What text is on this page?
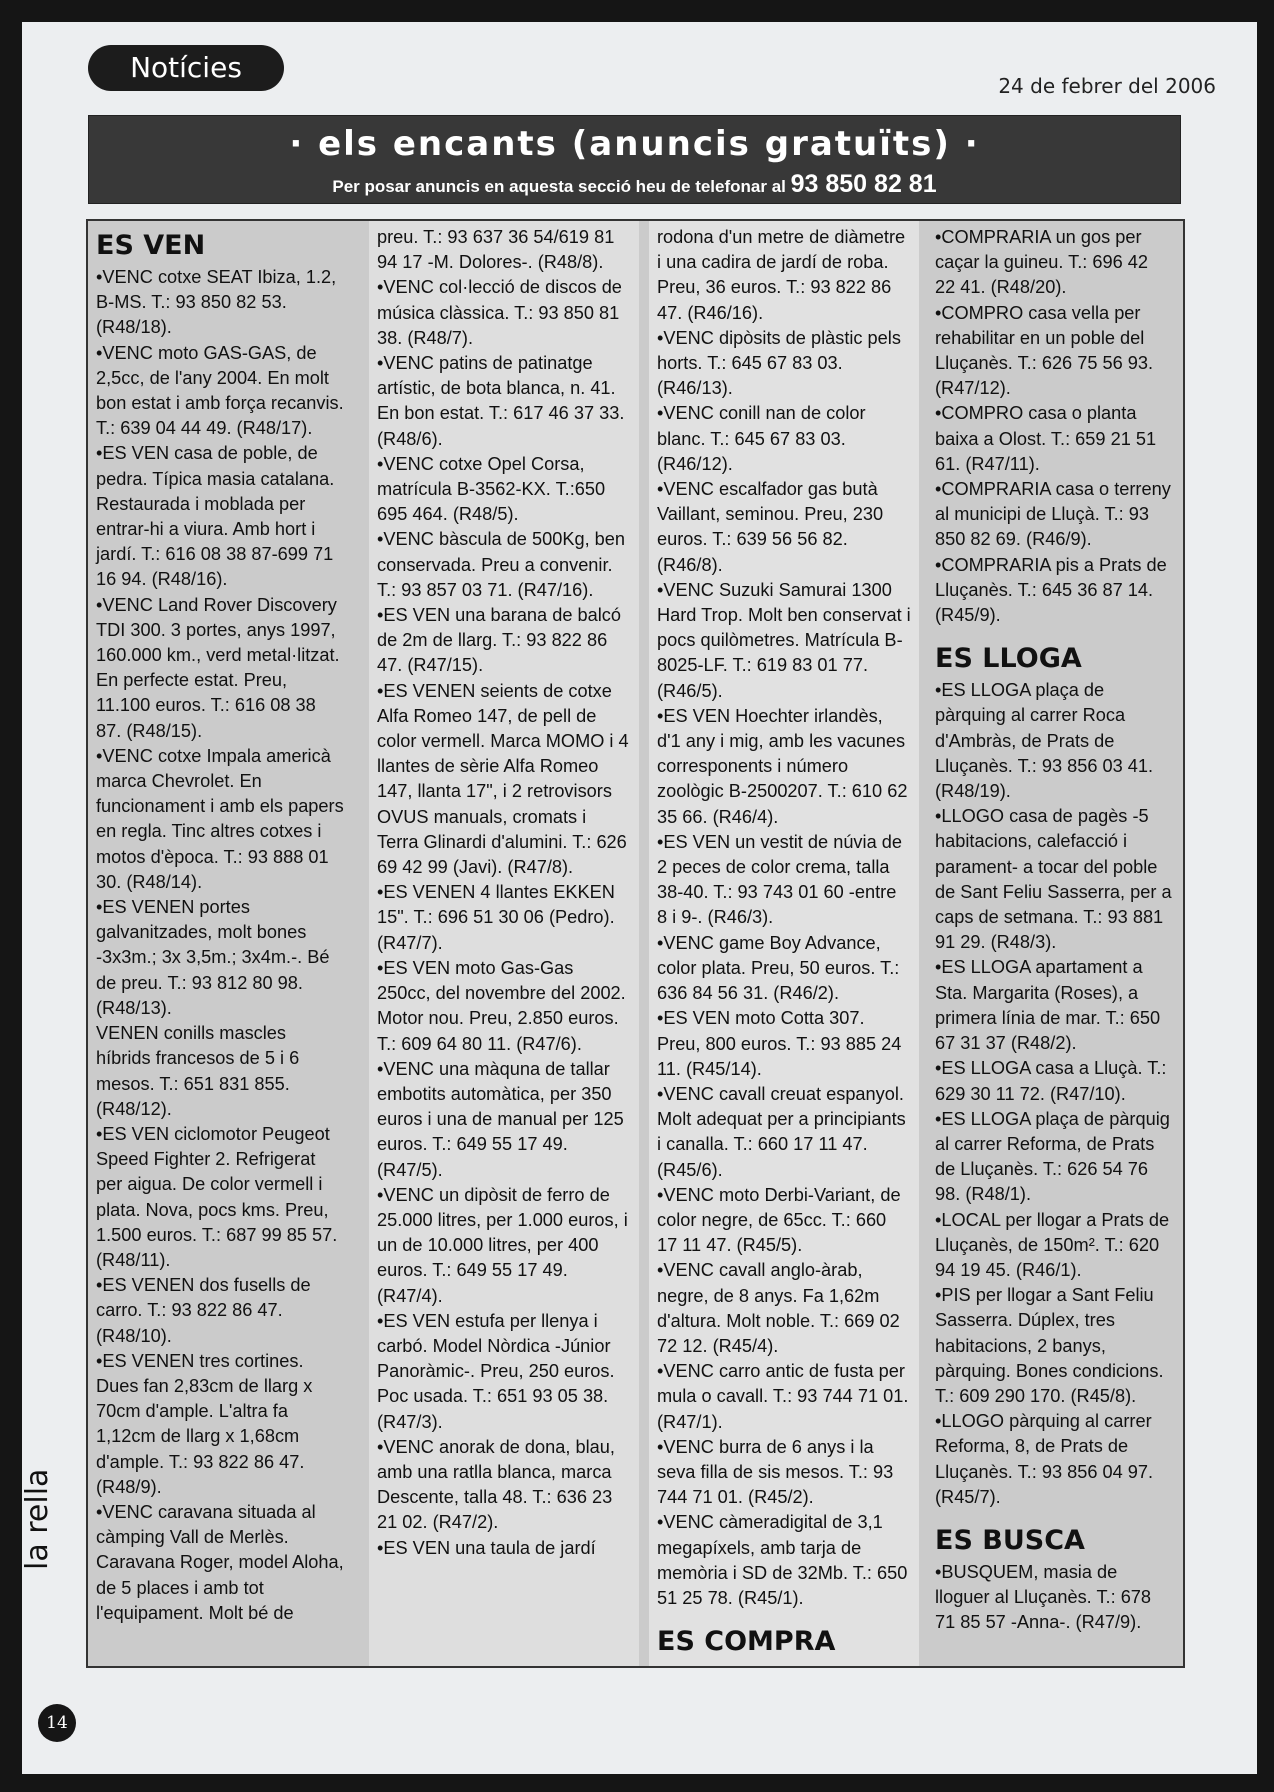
Notícies
24 de febrer del 2006
· els encants (anuncis gratuïts) ·
Per posar anuncis en aquesta secció heu de telefonar al 93 850 82 81
ES VEN
•VENC cotxe SEAT Ibiza, 1.2, B-MS. T.: 93 850 82 53. (R48/18).
•VENC moto GAS-GAS, de 2,5cc, de l'any 2004. En molt bon estat i amb força recanvis. T.: 639 04 44 49. (R48/17).
•ES VEN casa de poble, de pedra. Típica masia catalana. Restaurada i moblada per entrar-hi a viura. Amb hort i jardí. T.: 616 08 38 87-699 71 16 94. (R48/16).
•VENC Land Rover Discovery TDI 300. 3 portes, anys 1997, 160.000 km., verd metal·litzat. En perfecte estat. Preu, 11.100 euros. T.: 616 08 38 87. (R48/15).
•VENC cotxe Impala americà marca Chevrolet. En funcionament i amb els papers en regla. Tinc altres cotxes i motos d'època. T.: 93 888 01 30. (R48/14).
•ES VENEN portes galvanitzades, molt bones -3x3m.; 3x 3,5m.; 3x4m.-. Bé de preu. T.: 93 812 80 98. (R48/13).
VENEN conills mascles híbrids francesos de 5 i 6 mesos. T.: 651 831 855. (R48/12).
•ES VEN ciclomotor Peugeot Speed Fighter 2. Refrigerat per aigua. De color vermell i plata. Nova, pocs kms. Preu, 1.500 euros. T.: 687 99 85 57. (R48/11).
•ES VENEN dos fusells de carro. T.: 93 822 86 47. (R48/10).
•ES VENEN tres cortines. Dues fan 2,83cm de llarg x 70cm d'ample. L'altra fa 1,12cm de llarg x 1,68cm d'ample. T.: 93 822 86 47. (R48/9).
•VENC caravana situada al càmping Vall de Merlès. Caravana Roger, model Aloha, de 5 places i amb tot l'equipament. Molt bé de
preu. T.: 93 637 36 54/619 81 94 17 -M. Dolores-. (R48/8).
•VENC col·lecció de discos de música clàssica. T.: 93 850 81 38. (R48/7).
•VENC patins de patinatge artístic, de bota blanca, n. 41. En bon estat. T.: 617 46 37 33. (R48/6).
•VENC cotxe Opel Corsa, matrícula B-3562-KX. T.:650 695 464. (R48/5).
•VENC bàscula de 500Kg, ben conservada. Preu a convenir. T.: 93 857 03 71. (R47/16).
•ES VEN una barana de balcó de 2m de llarg. T.: 93 822 86 47. (R47/15).
•ES VENEN seients de cotxe Alfa Romeo 147, de pell de color vermell. Marca MOMO i 4 llantes de sèrie Alfa Romeo 147, llanta 17", i 2 retrovisors OVUS manuals, cromats i Terra Glinardi d'alumini. T.: 626 69 42 99 (Javi). (R47/8).
•ES VENEN 4 llantes EKKEN 15". T.: 696 51 30 06 (Pedro). (R47/7).
•ES VEN moto Gas-Gas 250cc, del novembre del 2002. Motor nou. Preu, 2.850 euros. T.: 609 64 80 11. (R47/6).
•VENC una màquna de tallar embotits automàtica, per 350 euros i una de manual per 125 euros. T.: 649 55 17 49. (R47/5).
•VENC un dipòsit de ferro de 25.000 litres, per 1.000 euros, i un de 10.000 litres, per 400 euros. T.: 649 55 17 49. (R47/4).
•ES VEN estufa per llenya i carbó. Model Nòrdica -Júnior Panoràmic-. Preu, 250 euros. Poc usada. T.: 651 93 05 38. (R47/3).
•VENC anorak de dona, blau, amb una ratlla blanca, marca Descente, talla 48. T.: 636 23 21 02. (R47/2).
•ES VEN una taula de jardí
rodona d'un metre de diàmetre i una cadira de jardí de roba. Preu, 36 euros. T.: 93 822 86 47. (R46/16).
•VENC dipòsits de plàstic pels horts. T.: 645 67 83 03. (R46/13).
•VENC conill nan de color blanc. T.: 645 67 83 03. (R46/12).
•VENC escalfador gas butà Vaillant, seminou. Preu, 230 euros. T.: 639 56 56 82. (R46/8).
•VENC Suzuki Samurai 1300 Hard Trop. Molt ben conservat i pocs quilòmetres. Matrícula B-8025-LF. T.: 619 83 01 77. (R46/5).
•ES VEN Hoechter irlandès, d'1 any i mig, amb les vacunes corresponents i número zoològic B-2500207. T.: 610 62 35 66. (R46/4).
•ES VEN un vestit de núvia de 2 peces de color crema, talla 38-40. T.: 93 743 01 60 -entre 8 i 9-. (R46/3).
•VENC game Boy Advance, color plata. Preu, 50 euros. T.: 636 84 56 31. (R46/2).
•ES VEN moto Cotta 307. Preu, 800 euros. T.: 93 885 24 11. (R45/14).
•VENC cavall creuat espanyol. Molt adequat per a principiants i canalla. T.: 660 17 11 47. (R45/6).
•VENC moto Derbi-Variant, de color negre, de 65cc. T.: 660 17 11 47. (R45/5).
•VENC cavall anglo-àrab, negre, de 8 anys. Fa 1,62m d'altura. Molt noble. T.: 669 02 72 12. (R45/4).
•VENC carro antic de fusta per mula o cavall. T.: 93 744 71 01. (R47/1).
•VENC burra de 6 anys i la seva filla de sis mesos. T.: 93 744 71 01. (R45/2).
•VENC càmeradigital de 3,1 megapíxels, amb tarja de memòria i SD de 32Mb. T.: 650 51 25 78. (R45/1).
ES COMPRA
•COMPRARIA un gos per caçar la guineu. T.: 696 42 22 41. (R48/20).
•COMPRO casa vella per rehabilitar en un poble del Lluçanès. T.: 626 75 56 93. (R47/12).
•COMPRO casa o planta baixa a Olost. T.: 659 21 51 61. (R47/11).
•COMPRARIA casa o terreny al municipi de Lluçà. T.: 93 850 82 69. (R46/9).
•COMPRARIA pis a Prats de Lluçanès. T.: 645 36 87 14. (R45/9).
ES LLOGA
•ES LLOGA plaça de pàrquing al carrer Roca d'Ambràs, de Prats de Lluçanès. T.: 93 856 03 41. (R48/19).
•LLOGO casa de pagès -5 habitacions, calefacció i parament- a tocar del poble de Sant Feliu Sasserra, per a caps de setmana. T.: 93 881 91 29. (R48/3).
•ES LLOGA apartament a Sta. Margarita (Roses), a primera línia de mar. T.: 650 67 31 37 (R48/2).
•ES LLOGA casa a Lluçà. T.: 629 30 11 72. (R47/10).
•ES LLOGA plaça de pàrquig al carrer Reforma, de Prats de Lluçanès. T.: 626 54 76 98. (R48/1).
•LOCAL per llogar a Prats de Lluçanès, de 150m². T.: 620 94 19 45. (R46/1).
•PIS per llogar a Sant Feliu Sasserra. Dúplex, tres habitacions, 2 banys, pàrquing. Bones condicions. T.: 609 290 170. (R45/8).
•LLOGO pàrquing al carrer Reforma, 8, de Prats de Lluçanès. T.: 93 856 04 97. (R45/7).
ES BUSCA
•BUSQUEM, masia de lloguer al Lluçanès. T.: 678 71 85 57 -Anna-. (R47/9).
la rella
14
